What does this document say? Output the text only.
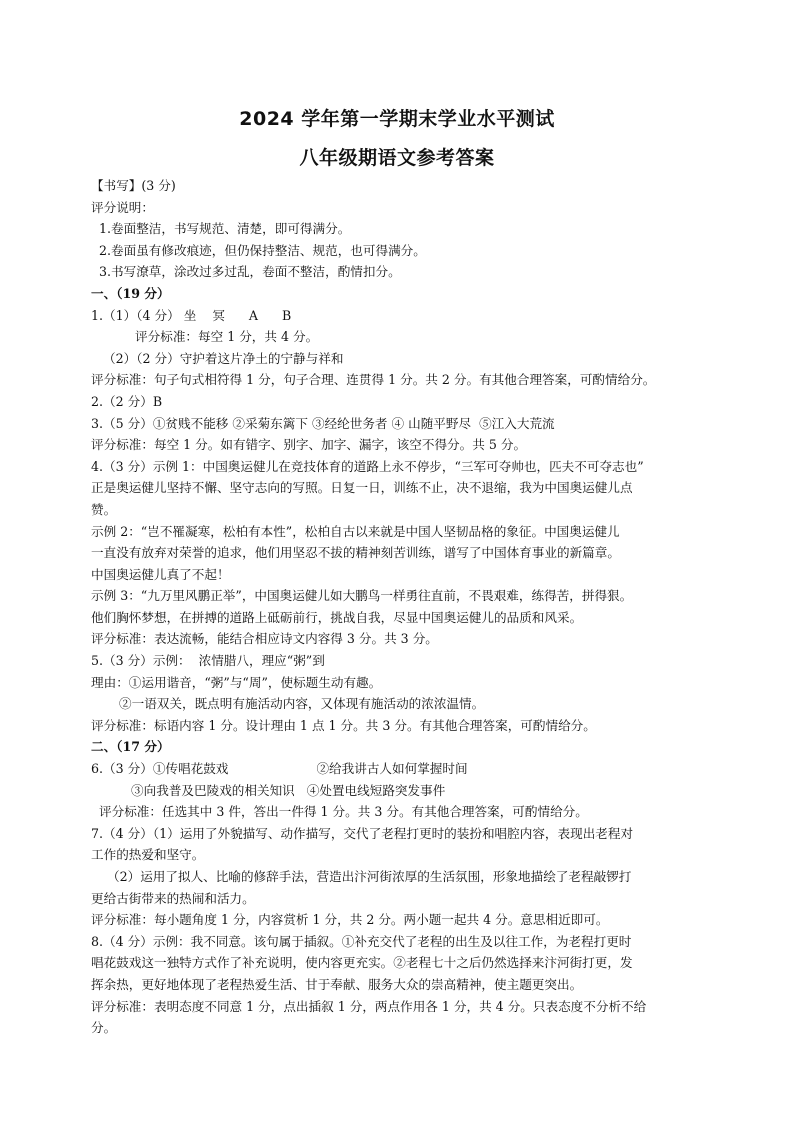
2024 学年第一学期末学业水平测试
八年级期语文参考答案
【书写】(3 分)
评分说明：
1.卷面整洁，书写规范、清楚，即可得满分。
2.卷面虽有修改痕迹，但仍保持整洁、规范，也可得满分。
3.书写潦草，涂改过多过乱，卷面不整洁，酌情扣分。
一、（19 分）
1.（1）（4 分） 坐    冥      A      B
评分标准：每空 1 分，共 4 分。
（2）（2 分）守护着这片净土的宁静与祥和
评分标准：句子句式相符得 1 分，句子合理、连贯得 1 分。共 2 分。有其他合理答案，可酌情给分。
2.（2 分）B
3.（5 分）①贫贱不能移 ②采菊东篱下 ③经纶世务者 ④ 山随平野尽  ⑤江入大荒流
评分标准：每空 1 分。如有错字、别字、加字、漏字，该空不得分。共 5 分。
4.（3 分）示例 1：中国奥运健儿在竞技体育的道路上永不停步，“三军可夺帅也，匹夫不可夺志也”
正是奥运健儿坚持不懈、坚守志向的写照。日复一日，训练不止，决不退缩，我为中国奥运健儿点
赞。
示例 2：“岂不罹凝寒，松柏有本性”，松柏自古以来就是中国人坚韧品格的象征。中国奥运健儿
一直没有放弃对荣誉的追求，他们用坚忍不拔的精神刻苦训练，谱写了中国体育事业的新篇章。
中国奥运健儿真了不起！
示例 3：“九万里风鹏正举”，中国奥运健儿如大鹏鸟一样勇往直前，不畏艰难，练得苦，拼得狠。
他们胸怀梦想，在拼搏的道路上砥砺前行，挑战自我，尽显中国奥运健儿的品质和风采。
评分标准：表达流畅，能结合相应诗文内容得 3 分。共 3 分。
5.（3 分）示例：  浓情腊八，理应“粥”到
理由：①运用谐音，“粥”与“周”，使标题生动有趣。
②一语双关，既点明有施活动内容，又体现有施活动的浓浓温情。
评分标准：标语内容 1 分。设计理由 1 点 1 分。共 3 分。有其他合理答案，可酌情给分。
二、（17 分）
6.（3 分）①传唱花鼓戏                      ②给我讲古人如何掌握时间
③向我普及巴陵戏的相关知识   ④处置电线短路突发事件
评分标准：任选其中 3 件，答出一件得 1 分。共 3 分。有其他合理答案，可酌情给分。
7.（4 分）（1）运用了外貌描写、动作描写，交代了老程打更时的装扮和唱腔内容，表现出老程对
工作的热爱和坚守。
（2）运用了拟人、比喻的修辞手法，营造出汴河街浓厚的生活氛围，形象地描绘了老程敲锣打
更给古街带来的热闹和活力。
评分标准：每小题角度 1 分，内容赏析 1 分，共 2 分。两小题一起共 4 分。意思相近即可。
8.（4 分）示例：我不同意。该句属于插叙。①补充交代了老程的出生及以往工作，为老程打更时
唱花鼓戏这一独特方式作了补充说明，使内容更充实。②老程七十之后仍然选择来汴河街打更，发
挥余热，更好地体现了老程热爱生活、甘于奉献、服务大众的崇高精神，使主题更突出。
评分标准：表明态度不同意 1 分，点出插叙 1 分，两点作用各 1 分，共 4 分。只表态度不分析不给
分。
